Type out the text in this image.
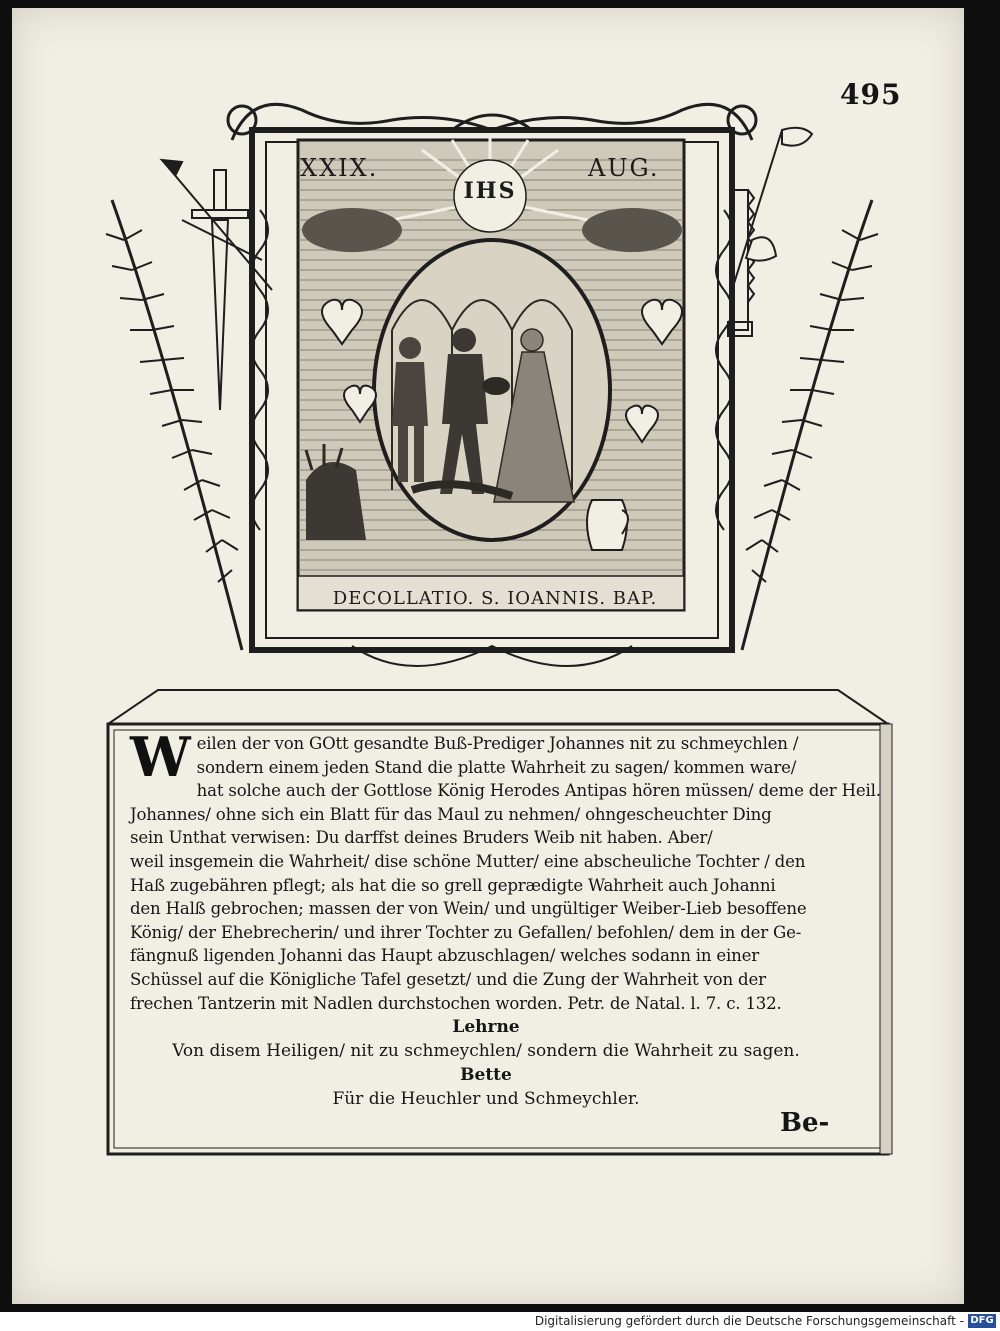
495
XXIX.	AUG.
IHS
DECOLLATIO. S. IOANNIS. BAP.
W eilen der von GOtt gesandte Buß-Prediger Johannes nit zu schmeychlen /
sondern einem jeden Stand die platte Wahrheit zu sagen/ kommen ware/
hat solche auch der Gottlose König Herodes Antipas hören müssen/ deme der Heil.
Johannes/ ohne sich ein Blatt für das Maul zu nehmen/ ohngescheuchter Ding
sein Unthat verwisen: Du darffst deines Bruders Weib nit haben. Aber/
weil insgemein die Wahrheit/ dise schöne Mutter/ eine abscheuliche Tochter / den
Haß zugebähren pflegt; als hat die so grell geprædigte Wahrheit auch Johanni
den Halß gebrochen; massen der von Wein/ und ungültiger Weiber-Lieb besoffene
König/ der Ehebrecherin/ und ihrer Tochter zu Gefallen/ befohlen/ dem in der Ge-
fängnuß ligenden Johanni das Haupt abzuschlagen/ welches sodann in einer
Schüssel auf die Königliche Tafel gesetzt/ und die Zung der Wahrheit von der
frechen Tantzerin mit Nadlen durchstochen worden. Petr. de Natal. l. 7. c. 132.
Lehrne
Von disem Heiligen/ nit zu schmeychlen/ sondern die Wahrheit zu sagen.
Bette
Für die Heuchler und Schmeychler.
Be-
Digitalisierung gefördert durch die Deutsche Forschungsgemeinschaft - DFG
